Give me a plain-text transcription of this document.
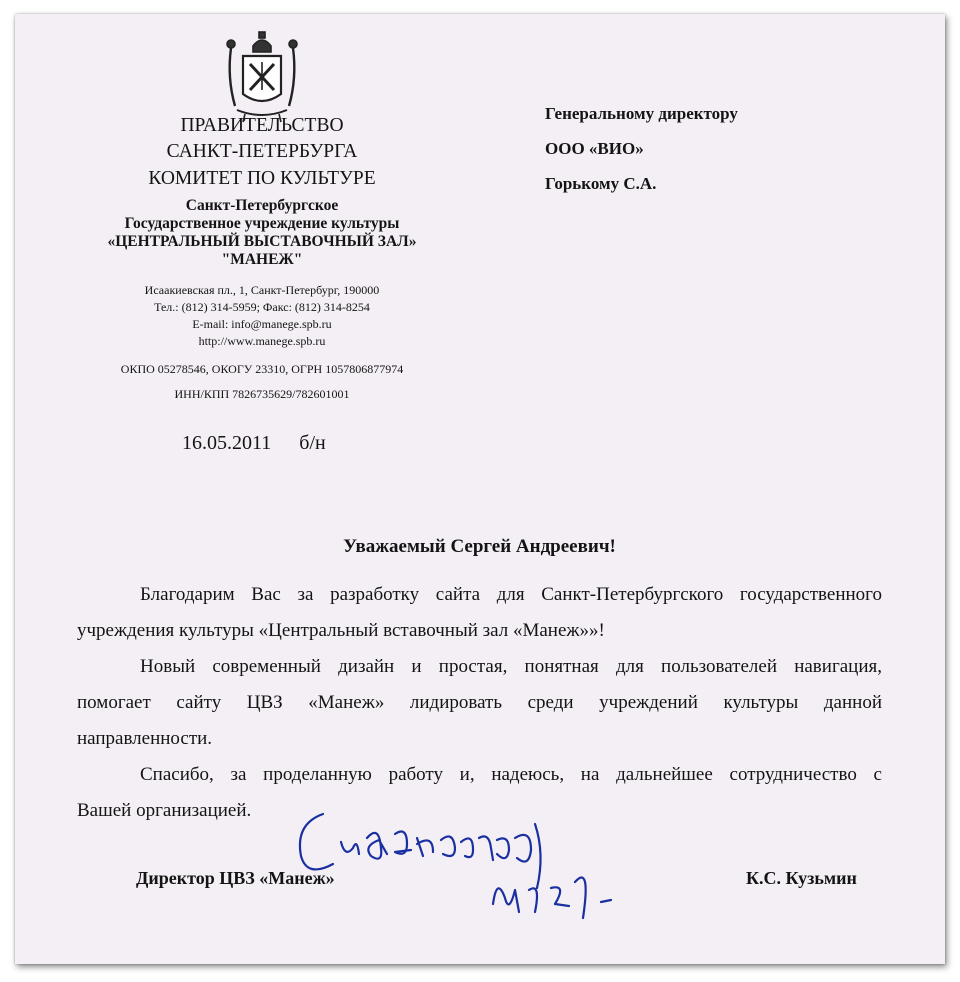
ПРАВИТЕЛЬСТВО
САНКТ-ПЕТЕРБУРГА
КОМИТЕТ ПО КУЛЬТУРЕ
Санкт-Петербургское
Государственное учреждение культуры
«ЦЕНТРАЛЬНЫЙ ВЫСТАВОЧНЫЙ ЗАЛ»
"МАНЕЖ"
Исаакиевская пл., 1, Санкт-Петербург, 190000
Тел.: (812) 314-5959; Факс: (812) 314-8254
E-mail: info@manege.spb.ru
http://www.manege.spb.ru
ОКПО 05278546, ОКОГУ 23310, ОГРН 1057806877974
ИНН/КПП 7826735629/782601001
16.05.2011 б/н
Генеральному директору
ООО «ВИО»
Горькому С.А.
Уважаемый Сергей Андреевич!
Благодарим Вас за разработку сайта для Санкт-Петербургского государственного
учреждения культуры «Центральный вставочный зал «Манеж»»!
Новый современный дизайн и простая, понятная для пользователей навигация,
помогает сайту ЦВЗ «Манеж» лидировать среди учреждений культуры данной
направленности.
Спасибо, за проделанную работу и, надеюсь, на дальнейшее сотрудничество с
Вашей организацией.
Директор ЦВЗ «Манеж»	К.С. Кузьмин
